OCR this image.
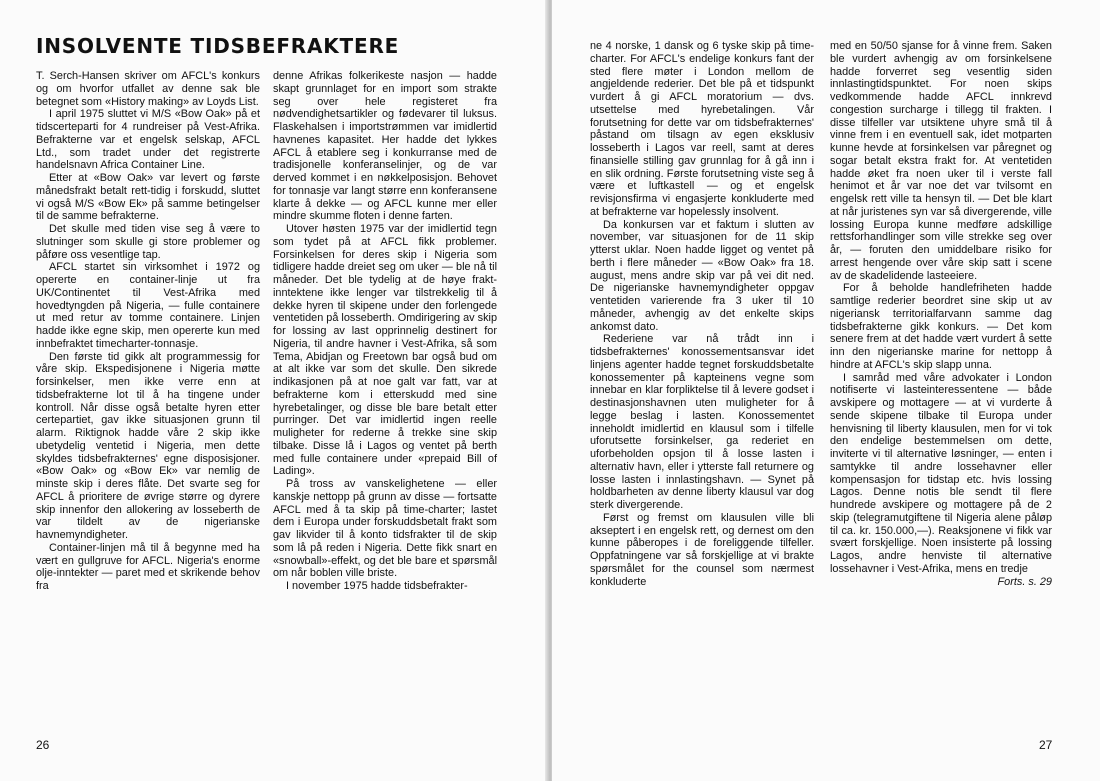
INSOLVENTE TIDSBEFRAKTERE

T. Serch-Hansen skriver om AFCL's konkurs og om hvorfor utfallet av denne sak ble betegnet som «History making» av Loyds List.

I april 1975 sluttet vi M/S «Bow Oak» på et tidscerteparti for 4 rundreiser på Vest-Afrika. Befrakterne var et engelsk selskap, AFCL Ltd., som tradet under det registrerte handelsnavn Africa Container Line.

Etter at «Bow Oak» var levert og første månedsfrakt betalt rett-tidig i forskudd, sluttet vi også M/S «Bow Ek» på samme betingelser til de samme befrakterne.

Det skulle med tiden vise seg å være to slutninger som skulle gi store problemer og påføre oss vesentlige tap.

AFCL startet sin virksomhet i 1972 og opererte en container-linje ut fra UK/Continentet til Vest-Afrika med hovedtyngden på Nigeria, — fulle containere ut med retur av tomme containere. Linjen hadde ikke egne skip, men opererte kun med innbefraktet timecharter-tonnasje.

Den første tid gikk alt programmessig for våre skip. Ekspedisjonene i Nigeria møtte forsinkelser, men ikke verre enn at tidsbefrakterne lot til å ha tingene under kontroll. Når disse også betalte hyren etter certepartiet, gav ikke situasjonen grunn til alarm. Riktignok hadde våre 2 skip ikke ubetydelig ventetid i Nigeria, men dette skyldes tidsbefrakternes' egne disposisjoner. «Bow Oak» og «Bow Ek» var nemlig de minste skip i deres flåte. Det svarte seg for AFCL å prioritere de øvrige større og dyrere skip innenfor den allokering av losseberth de var tildelt av de nigerianske havnemyndigheter.

Container-linjen må til å begynne med ha vært en gullgruve for AFCL. Nigeria's enorme olje-inntekter — paret med et skrikende behov fra

denne Afrikas folkerikeste nasjon — hadde skapt grunnlaget for en import som strakte seg over hele registeret fra nødvendighetsartikler og fødevarer til luksus. Flaskehalsen i importstrømmen var imidlertid havnenes kapasitet. Her hadde det lykkes AFCL å etablere seg i konkurranse med de tradisjonelle konferanselinjer, og de var derved kommet i en nøkkelposisjon. Behovet for tonnasje var langt større enn konferansene klarte å dekke — og AFCL kunne mer eller mindre skumme floten i denne farten.

Utover høsten 1975 var der imidlertid tegn som tydet på at AFCL fikk problemer. Forsinkelsen for deres skip i Nigeria som tidligere hadde dreiet seg om uker — ble nå til måneder. Det ble tydelig at de høye frakt-inntektene ikke lenger var tilstrekkelig til å dekke hyren til skipene under den forlengede ventetiden på losseberth. Omdirigering av skip for lossing av last opprinnelig destinert for Nigeria, til andre havner i Vest-Afrika, så som Tema, Abidjan og Freetown bar også bud om at alt ikke var som det skulle. Den sikrede indikasjonen på at noe galt var fatt, var at befrakterne kom i etterskudd med sine hyrebetalinger, og disse ble bare betalt etter purringer. Det var imidlertid ingen reelle muligheter for rederne å trekke sine skip tilbake. Disse lå i Lagos og ventet på berth med fulle containere under «prepaid Bill of Lading».

På tross av vanskelighetene — eller kanskje nettopp på grunn av disse — fortsatte AFCL med å ta skip på time-charter; lastet dem i Europa under forskuddsbetalt frakt som gav likvider til å konto tidsfrakter til de skip som lå på reden i Nigeria. Dette fikk snart en «snowball»-effekt, og det ble bare et spørsmål om når boblen ville briste.

I november 1975 hadde tidsbefrakter-

26

ne 4 norske, 1 dansk og 6 tyske skip på time-charter. For AFCL's endelige konkurs fant der sted flere møter i London mellom de angjeldende rederier. Det ble på et tidspunkt vurdert å gi AFCL moratorium — dvs. utsettelse med hyrebetalingen. Vår forutsetning for dette var om tidsbefrakternes' påstand om tilsagn av egen eksklusiv losseberth i Lagos var reell, samt at deres finansielle stilling gav grunnlag for å gå inn i en slik ordning. Første forutsetning viste seg å være et luftkastell — og et engelsk revisjonsfirma vi engasjerte konkluderte med at befrakterne var hopelessly insolvent.

Da konkursen var et faktum i slutten av november, var situasjonen for de 11 skip ytterst uklar. Noen hadde ligget og ventet på berth i flere måneder — «Bow Oak» fra 18. august, mens andre skip var på vei dit ned. De nigerianske havnemyndigheter oppgav ventetiden varierende fra 3 uker til 10 måneder, avhengig av det enkelte skips ankomst dato.

Rederiene var nå trådt inn i tidsbefrakternes' konossementsansvar idet linjens agenter hadde tegnet forskuddsbetalte konossementer på kapteinens vegne som innebar en klar forpliktelse til å levere godset i destinasjonshavnen uten muligheter for å legge beslag i lasten. Konossementet inneholdt imidlertid en klausul som i tilfelle uforutsette forsinkelser, ga rederiet en uforbeholden opsjon til å losse lasten i alternativ havn, eller i ytterste fall returnere og losse lasten i innlastingshavn. — Synet på holdbarheten av denne liberty klausul var dog sterk divergerende.

Først og fremst om klausulen ville bli akseptert i en engelsk rett, og dernest om den kunne påberopes i de foreliggende tilfeller. Oppfatningene var så forskjellige at vi brakte spørsmålet for the counsel som nærmest konkluderte

med en 50/50 sjanse for å vinne frem. Saken ble vurdert avhengig av om forsinkelsene hadde forverret seg vesentlig siden innlastingtidspunktet. For noen skips vedkommende hadde AFCL innkrevd congestion surcharge i tillegg til frakten. I disse tilfeller var utsiktene uhyre små til å vinne frem i en eventuell sak, idet motparten kunne hevde at forsinkelsen var påregnet og sogar betalt ekstra frakt for. At ventetiden hadde øket fra noen uker til i verste fall henimot et år var noe det var tvilsomt en engelsk rett ville ta hensyn til. — Det ble klart at når juristenes syn var så divergerende, ville lossing Europa kunne medføre adskillige rettsforhandlinger som ville strekke seg over år, — foruten den umiddelbare risiko for arrest hengende over våre skip satt i scene av de skadelidende lasteeiere.

For å beholde handlefriheten hadde samtlige rederier beordret sine skip ut av nigeriansk territorialfarvann samme dag tidsbefrakterne gikk konkurs. — Det kom senere frem at det hadde vært vurdert å sette inn den nigerianske marine for nettopp å hindre at AFCL's skip slapp unna.

I samråd med våre advokater i London notifiserte vi lasteinteressentene — både avskipere og mottagere — at vi vurderte å sende skipene tilbake til Europa under henvisning til liberty klausulen, men for vi tok den endelige bestemmelsen om dette, inviterte vi til alternative løsninger, — enten i samtykke til andre lossehavner eller kompensasjon for tidstap etc. hvis lossing Lagos. Denne notis ble sendt til flere hundrede avskipere og mottagere på de 2 skip (telegramutgiftene til Nigeria alene påløp til ca. kr. 150.000,—). Reaksjonene vi fikk var svært forskjellige. Noen insisterte på lossing Lagos, andre henviste til alternative lossehavner i Vest-Afrika, mens en tredje

Forts. s. 29
27
